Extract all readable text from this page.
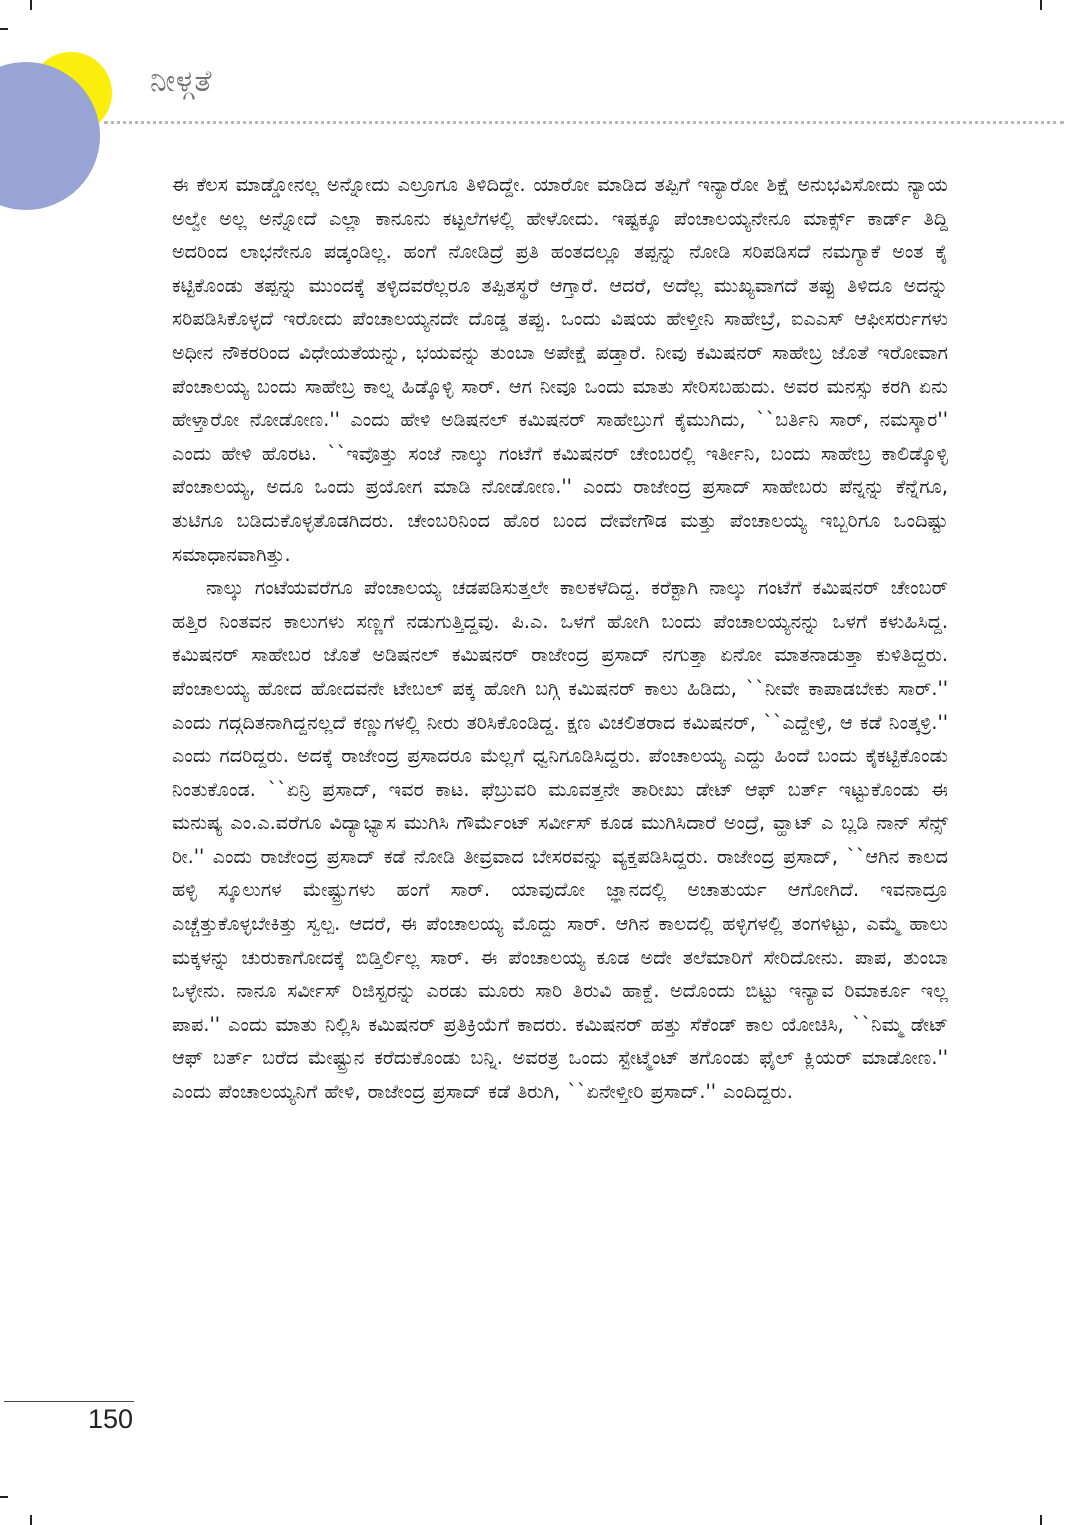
ನೀಳ್ಗತೆ

ಈ ಕೆಲಸ ಮಾಡ್ಡೋನಲ್ಲ ಅನ್ನೋದು ಎಲ್ರೂಗೂ ತಿಳಿದಿದ್ದೇ. ಯಾರೋ ಮಾಡಿದ ತಪ್ಪಿಗೆ ಇನ್ಯಾರೋ ಶಿಕ್ಷೆ ಅನುಭವಿಸೋದು ನ್ಯಾಯ ಅಲ್ವೇ ಅಲ್ಲ ಅನ್ನೋದೆ ಎಲ್ಲಾ ಕಾನೂನು ಕಟ್ಟಲೆಗಳಲ್ಲಿ ಹೇಳೋದು. ಇಷ್ಟಕ್ಕೂ ಪೆಂಚಾಲಯ್ಯನೇನೂ ಮಾರ್ಕ್ಸ್ ಕಾರ್ಡ್ ತಿದ್ದಿ ಅದರಿಂದ ಲಾಭನೇನೂ ಪಡ್ಕಂಡಿಲ್ಲ. ಹಂಗೆ ನೋಡಿದ್ರೆ ಪ್ರತಿ ಹಂತದಲ್ಲೂ ತಪ್ಪನ್ನು ನೋಡಿ ಸರಿಪಡಿಸದೆ ನಮಗ್ಯಾಕೆ ಅಂತ ಕೈ ಕಟ್ಟಿಕೊಂಡು ತಪ್ಪನ್ನು ಮುಂದಕ್ಕೆ ತಳ್ಳಿದವರೆಲ್ಲರೂ ತಪ್ಪಿತಸ್ಥರೆ ಆಗ್ತಾರೆ. ಆದರೆ, ಅದೆಲ್ಲ ಮುಖ್ಯವಾಗದೆ ತಪ್ಪು ತಿಳಿದೂ ಅದನ್ನು ಸರಿಪಡಿಸಿಕೊಳ್ಳದೆ ಇರೋದು ಪೆಂಚಾಲಯ್ಯನದೇ ದೊಡ್ಡ ತಪ್ಪು. ಒಂದು ವಿಷಯ ಹೇಳ್ತೀನಿ ಸಾಹೇಬ್ರೆ, ಐಎಎಸ್ ಆಫೀಸರ್ರುಗಳು ಅಧೀನ ನೌಕರರಿಂದ ವಿಧೇಯತೆಯನ್ನು, ಭಯವನ್ನು ತುಂಬಾ ಅಪೇಕ್ಷೆ ಪಡ್ತಾರೆ. ನೀವು ಕಮಿಷನರ್ ಸಾಹೇಬ್ರ ಜೊತೆ ಇರೋವಾಗ ಪೆಂಚಾಲಯ್ಯ ಬಂದು ಸಾಹೇಬ್ರ ಕಾಲ್ನ ಹಿಡ್ಕೊಳ್ಳಿ ಸಾರ್. ಆಗ ನೀವೂ ಒಂದು ಮಾತು ಸೇರಿಸಬಹುದು. ಅವರ ಮನಸ್ಸು ಕರಗಿ ಏನು ಹೇಳ್ತಾರೋ ನೋಡೋಣ.'' ಎಂದು ಹೇಳಿ ಅಡಿಷನಲ್ ಕಮಿಷನರ್ ಸಾಹೇಬ್ರುಗೆ ಕೈಮುಗಿದು, ``ಬರ್ತಿನಿ ಸಾರ್, ನಮಸ್ಕಾರ'' ಎಂದು ಹೇಳಿ ಹೊರಟ. ``ಇವೊತ್ತು ಸಂಜೆ ನಾಲ್ಕು ಗಂಟೆಗೆ ಕಮಿಷನರ್ ಚೇಂಬರಲ್ಲಿ ಇರ್ತೀನಿ, ಬಂದು ಸಾಹೇಬ್ರ ಕಾಲಿಡ್ಕೊಳ್ಳಿ ಪೆಂಚಾಲಯ್ಯ, ಅದೂ ಒಂದು ಪ್ರಯೋಗ ಮಾಡಿ ನೋಡೋಣ.'' ಎಂದು ರಾಜೇಂದ್ರ ಪ್ರಸಾದ್ ಸಾಹೇಬರು ಪೆನ್ನನ್ನು ಕೆನ್ನೆಗೂ, ತುಟಿಗೂ ಬಡಿದುಕೊಳ್ಳತೊಡಗಿದರು. ಚೇಂಬರಿನಿಂದ ಹೊರ ಬಂದ ದೇವೇಗೌಡ ಮತ್ತು ಪೆಂಚಾಲಯ್ಯ ಇಬ್ಬರಿಗೂ ಒಂದಿಷ್ಟು ಸಮಾಧಾನವಾಗಿತ್ತು.

ನಾಲ್ಕು ಗಂಟೆಯವರೆಗೂ ಪೆಂಚಾಲಯ್ಯ ಚಡಪಡಿಸುತ್ತಲೇ ಕಾಲಕಳೆದಿದ್ದ. ಕರೆಕ್ಟಾಗಿ ನಾಲ್ಕು ಗಂಟೆಗೆ ಕಮಿಷನರ್ ಚೇಂಬರ್ ಹತ್ತಿರ ನಿಂತವನ ಕಾಲುಗಳು ಸಣ್ಣಗೆ ನಡುಗುತ್ತಿದ್ದವು. ಪಿ.ಎ. ಒಳಗೆ ಹೋಗಿ ಬಂದು ಪೆಂಚಾಲಯ್ಯನನ್ನು ಒಳಗೆ ಕಳುಹಿಸಿದ್ದ. ಕಮಿಷನರ್ ಸಾಹೇಬರ ಜೊತೆ ಅಡಿಷನಲ್ ಕಮಿಷನರ್ ರಾಜೇಂದ್ರ ಪ್ರಸಾದ್ ನಗುತ್ತಾ ಏನೋ ಮಾತನಾಡುತ್ತಾ ಕುಳಿತಿದ್ದರು. ಪೆಂಚಾಲಯ್ಯ ಹೋದ ಹೋದವನೇ ಟೇಬಲ್ ಪಕ್ಕ ಹೋಗಿ ಬಗ್ಗಿ ಕಮಿಷನರ್ ಕಾಲು ಹಿಡಿದು, ``ನೀವೇ ಕಾಪಾಡಬೇಕು ಸಾರ್.'' ಎಂದು ಗದ್ಗದಿತನಾಗಿದ್ದನಲ್ಲದೆ ಕಣ್ಣುಗಳಲ್ಲಿ ನೀರು ತರಿಸಿಕೊಂಡಿದ್ದ. ಕ್ಷಣ ವಿಚಲಿತರಾದ ಕಮಿಷನರ್, ``ಎದ್ದೇಳ್ರಿ, ಆ ಕಡೆ ನಿಂತ್ಕಳ್ರಿ.'' ಎಂದು ಗದರಿದ್ದರು. ಅದಕ್ಕೆ ರಾಜೇಂದ್ರ ಪ್ರಸಾದರೂ ಮೆಲ್ಲಗೆ ಧ್ವನಿಗೂಡಿಸಿದ್ದರು. ಪೆಂಚಾಲಯ್ಯ ಎದ್ದು ಹಿಂದೆ ಬಂದು ಕೈಕಟ್ಟಿಕೊಂಡು ನಿಂತುಕೊಂಡ. ``ಏನ್ರಿ ಪ್ರಸಾದ್, ಇವರ ಕಾಟ. ಫೆಬ್ರುವರಿ ಮೂವತ್ತನೇ ತಾರೀಖು ಡೇಟ್ ಆಫ್ ಬರ್ತ್ ಇಟ್ಟುಕೊಂಡು ಈ ಮನುಷ್ಯ ಎಂ.ಎ.ವರೆಗೂ ವಿದ್ಯಾಭ್ಯಾಸ ಮುಗಿಸಿ ಗೌರ್ಮೆಂಟ್ ಸರ್ವೀಸ್ ಕೂಡ ಮುಗಿಸಿದಾರೆ ಅಂದ್ರೆ, ವ್ಹಾಟ್ ಎ ಬ್ಲಡಿ ನಾನ್ ಸೆನ್ಸ್ ರೀ.'' ಎಂದು ರಾಜೇಂದ್ರ ಪ್ರಸಾದ್ ಕಡೆ ನೋಡಿ ತೀವ್ರವಾದ ಬೇಸರವನ್ನು ವ್ಯಕ್ತಪಡಿಸಿದ್ದರು. ರಾಜೇಂದ್ರ ಪ್ರಸಾದ್, ``ಆಗಿನ ಕಾಲದ ಹಳ್ಳಿ ಸ್ಕೂಲುಗಳ ಮೇಷ್ಟ್ರುಗಳು ಹಂಗೆ ಸಾರ್. ಯಾವುದೋ ಜ್ಞಾನದಲ್ಲಿ ಅಚಾತುರ್ಯ ಆಗೋಗಿದೆ. ಇವನಾದ್ರೂ ಎಚ್ಚೆತ್ತುಕೊಳ್ಳಬೇಕಿತ್ತು ಸ್ವಲ್ಪ. ಆದರೆ, ಈ ಪೆಂಚಾಲಯ್ಯ ಮೊದ್ದು ಸಾರ್. ಆಗಿನ ಕಾಲದಲ್ಲಿ ಹಳ್ಳಿಗಳಲ್ಲಿ ತಂಗಳಿಟ್ಟು, ಎಮ್ಮೆ ಹಾಲು ಮಕ್ಕಳನ್ನು ಚುರುಕಾಗೋದಕ್ಕೆ ಬಿಡ್ತಿರ್ಲಿಲ್ಲ ಸಾರ್. ಈ ಪೆಂಚಾಲಯ್ಯ ಕೂಡ ಅದೇ ತಲೆಮಾರಿಗೆ ಸೇರಿದೋನು. ಪಾಪ, ತುಂಬಾ ಒಳ್ಳೇನು. ನಾನೂ ಸರ್ವೀಸ್ ರಿಜಿಸ್ಟರನ್ನು ಎರಡು ಮೂರು ಸಾರಿ ತಿರುವಿ ಹಾಕ್ದೆ. ಅದೊಂದು ಬಿಟ್ಟು ಇನ್ಯಾವ ರಿಮಾರ್ಕೂ ಇಲ್ಲ ಪಾಪ.'' ಎಂದು ಮಾತು ನಿಲ್ಲಿಸಿ ಕಮಿಷನರ್ ಪ್ರತಿಕ್ರಿಯೆಗೆ ಕಾದರು. ಕಮಿಷನರ್ ಹತ್ತು ಸೆಕೆಂಡ್ ಕಾಲ ಯೋಚಿಸಿ, ``ನಿಮ್ಮ ಡೇಟ್ ಆಫ್ ಬರ್ತ್ ಬರೆದ ಮೇಷ್ಟ್ರುನ ಕರೆದುಕೊಂಡು ಬನ್ನಿ. ಅವರತ್ರ ಒಂದು ಸ್ಟೇಟ್ಮೆಂಟ್ ತಗೊಂಡು ಫೈಲ್ ಕ್ಲಿಯರ್ ಮಾಡೋಣ.'' ಎಂದು ಪೆಂಚಾಲಯ್ಯನಿಗೆ ಹೇಳಿ, ರಾಜೇಂದ್ರ ಪ್ರಸಾದ್ ಕಡೆ ತಿರುಗಿ, ``ಏನೇಳ್ತೀರಿ ಪ್ರಸಾದ್.'' ಎಂದಿದ್ದರು.

150
